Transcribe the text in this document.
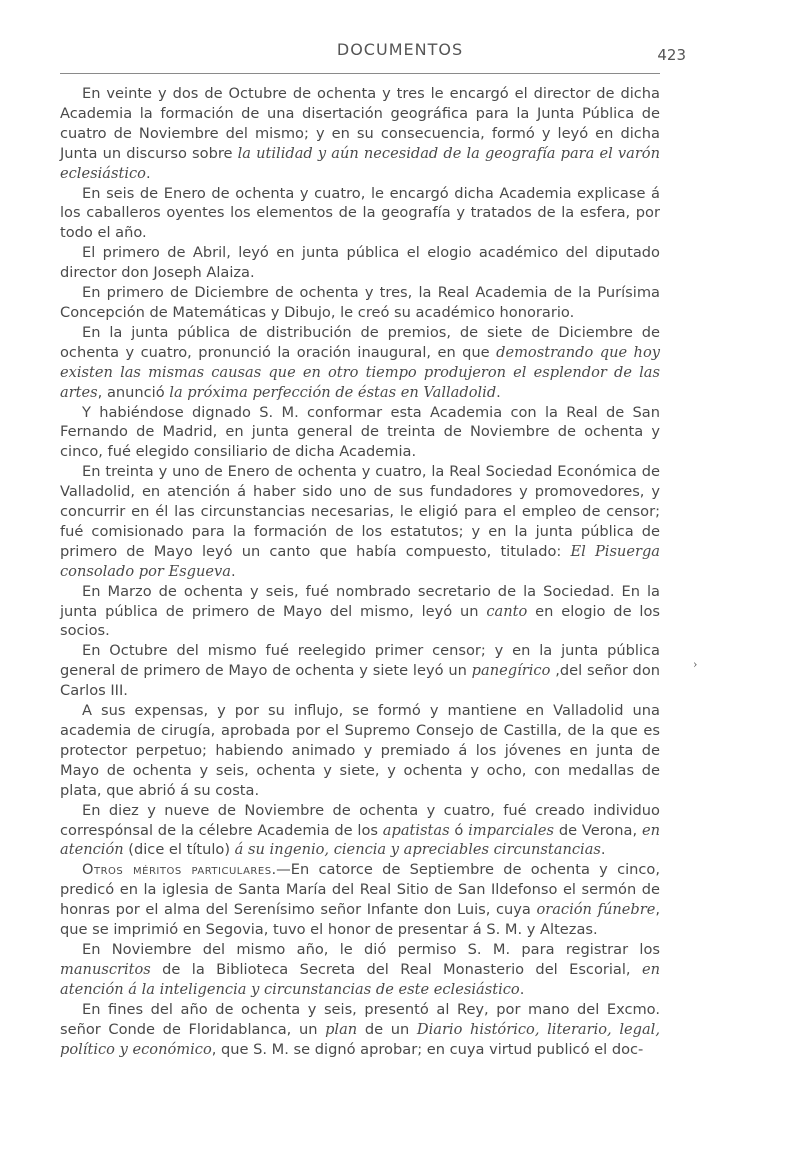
DOCUMENTOS	423

En veinte y dos de Octubre de ochenta y tres le encargó el director de dicha Academia la formación de una disertación geográfica para la Junta Pública de cuatro de Noviembre del mismo; y en su consecuencia, formó y leyó en dicha Junta un discurso sobre la utilidad y aún necesidad de la geografía para el varón eclesiástico.

En seis de Enero de ochenta y cuatro, le encargó dicha Academia explicase á los caballeros oyentes los elementos de la geografía y tratados de la esfera, por todo el año.

El primero de Abril, leyó en junta pública el elogio académico del diputado director don Joseph Alaiza.

En primero de Diciembre de ochenta y tres, la Real Academia de la Purísima Concepción de Matemáticas y Dibujo, le creó su académico honorario.

En la junta pública de distribución de premios, de siete de Diciembre de ochenta y cuatro, pronunció la oración inaugural, en que demostrando que hoy existen las mismas causas que en otro tiempo produjeron el esplendor de las artes, anunció la próxima perfección de éstas en Valladolid.

Y habiéndose dignado S. M. conformar esta Academia con la Real de San Fernando de Madrid, en junta general de treinta de Noviembre de ochenta y cinco, fué elegido consiliario de dicha Academia.

En treinta y uno de Enero de ochenta y cuatro, la Real Sociedad Económica de Valladolid, en atención á haber sido uno de sus fundadores y promovedores, y concurrir en él las circunstancias necesarias, le eligió para el empleo de censor; fué comisionado para la formación de los estatutos; y en la junta pública de primero de Mayo leyó un canto que había compuesto, titulado: El Pisuerga consolado por Esgueva.

En Marzo de ochenta y seis, fué nombrado secretario de la Sociedad. En la junta pública de primero de Mayo del mismo, leyó un canto en elogio de los socios.

En Octubre del mismo fué reelegido primer censor; y en la junta pública general de primero de Mayo de ochenta y siete leyó un panegírico ,del señor don Carlos III.

A sus expensas, y por su influjo, se formó y mantiene en Valladolid una academia de cirugía, aprobada por el Supremo Consejo de Castilla, de la que es protector perpetuo; habiendo animado y premiado á los jóvenes en junta de Mayo de ochenta y seis, ochenta y siete, y ochenta y ocho, con medallas de plata, que abrió á su costa.

En diez y nueve de Noviembre de ochenta y cuatro, fué creado individuo correspónsal de la célebre Academia de los apatistas ó imparciales de Verona, en atención (dice el título) á su ingenio, ciencia y apreciables circunstancias.

Otros méritos particulares.—En catorce de Septiembre de ochenta y cinco, predicó en la iglesia de Santa María del Real Sitio de San Ildefonso el sermón de honras por el alma del Serenísimo señor Infante don Luis, cuya oración fúnebre, que se imprimió en Segovia, tuvo el honor de presentar á S. M. y Altezas.

En Noviembre del mismo año, le dió permiso S. M. para registrar los manuscritos de la Biblioteca Secreta del Real Monasterio del Escorial, en atención á la inteligencia y circunstancias de este eclesiástico.

En fines del año de ochenta y seis, presentó al Rey, por mano del Excmo. señor Conde de Floridablanca, un plan de un Diario histórico, literario, legal, político y económico, que S. M. se dignó aprobar; en cuya virtud publicó el doc-

›
